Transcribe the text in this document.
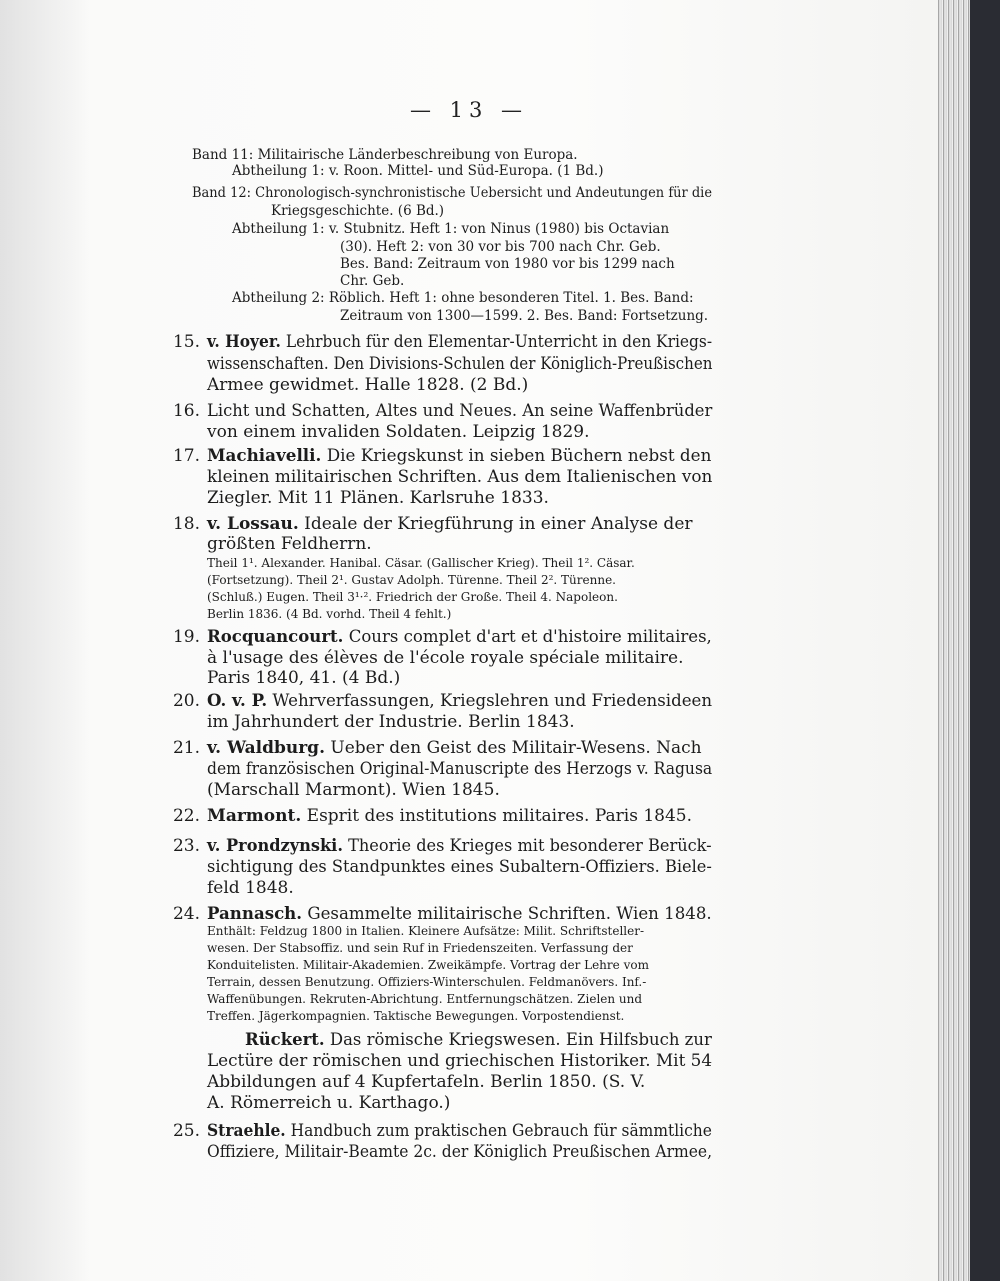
— 13 —
Band 11: Militairische Länderbeschreibung von Europa.
Abtheilung 1: v. Roon. Mittel- und Süd-Europa. (1 Bd.)
Band 12: Chronologisch-synchronistische Uebersicht und Andeutungen für die
Kriegsgeschichte. (6 Bd.)
Abtheilung 1: v. Stubnitz. Heft 1: von Ninus (1980) bis Octavian
(30). Heft 2: von 30 vor bis 700 nach Chr. Geb.
Bes. Band: Zeitraum von 1980 vor bis 1299 nach
Chr. Geb.
Abtheilung 2: Röblich. Heft 1: ohne besonderen Titel. 1. Bes. Band:
Zeitraum von 1300—1599. 2. Bes. Band: Fortsetzung.
15. v. Hoyer. Lehrbuch für den Elementar-Unterricht in den Kriegs-
wissenschaften. Den Divisions-Schulen der Königlich-Preußischen
Armee gewidmet. Halle 1828. (2 Bd.)
16. Licht und Schatten, Altes und Neues. An seine Waffenbrüder
von einem invaliden Soldaten. Leipzig 1829.
17. Machiavelli. Die Kriegskunst in sieben Büchern nebst den
kleinen militairischen Schriften. Aus dem Italienischen von
Ziegler. Mit 11 Plänen. Karlsruhe 1833.
18. v. Lossau. Ideale der Kriegführung in einer Analyse der
größten Feldherrn.
Theil 1¹. Alexander. Hanibal. Cäsar. (Gallischer Krieg). Theil 1². Cäsar.
(Fortsetzung). Theil 2¹. Gustav Adolph. Türenne. Theil 2². Türenne.
(Schluß.) Eugen. Theil 3¹·². Friedrich der Große. Theil 4. Napoleon.
Berlin 1836. (4 Bd. vorhd. Theil 4 fehlt.)
19. Rocquancourt. Cours complet d'art et d'histoire militaires,
à l'usage des élèves de l'école royale spéciale militaire.
Paris 1840, 41. (4 Bd.)
20. O. v. P. Wehrverfassungen, Kriegslehren und Friedensideen
im Jahrhundert der Industrie. Berlin 1843.
21. v. Waldburg. Ueber den Geist des Militair-Wesens. Nach
dem französischen Original-Manuscripte des Herzogs v. Ragusa
(Marschall Marmont). Wien 1845.
22. Marmont. Esprit des institutions militaires. Paris 1845.
23. v. Prondzynski. Theorie des Krieges mit besonderer Berück-
sichtigung des Standpunktes eines Subaltern-Offiziers. Biele-
feld 1848.
24. Pannasch. Gesammelte militairische Schriften. Wien 1848.
Enthält: Feldzug 1800 in Italien. Kleinere Aufsätze: Milit. Schriftsteller-
wesen. Der Stabsoffiz. und sein Ruf in Friedenszeiten. Verfassung der
Konduitelisten. Militair-Akademien. Zweikämpfe. Vortrag der Lehre vom
Terrain, dessen Benutzung. Offiziers-Winterschulen. Feldmanövers. Inf.-
Waffenübungen. Rekruten-Abrichtung. Entfernungschätzen. Zielen und
Treffen. Jägerkompagnien. Taktische Bewegungen. Vorpostendienst.
Rückert. Das römische Kriegswesen. Ein Hilfsbuch zur
Lectüre der römischen und griechischen Historiker. Mit 54
Abbildungen auf 4 Kupfertafeln. Berlin 1850. (S. V.
A. Römerreich u. Karthago.)
25. Straehle. Handbuch zum praktischen Gebrauch für sämmtliche
Offiziere, Militair-Beamte 2c. der Königlich Preußischen Armee,
